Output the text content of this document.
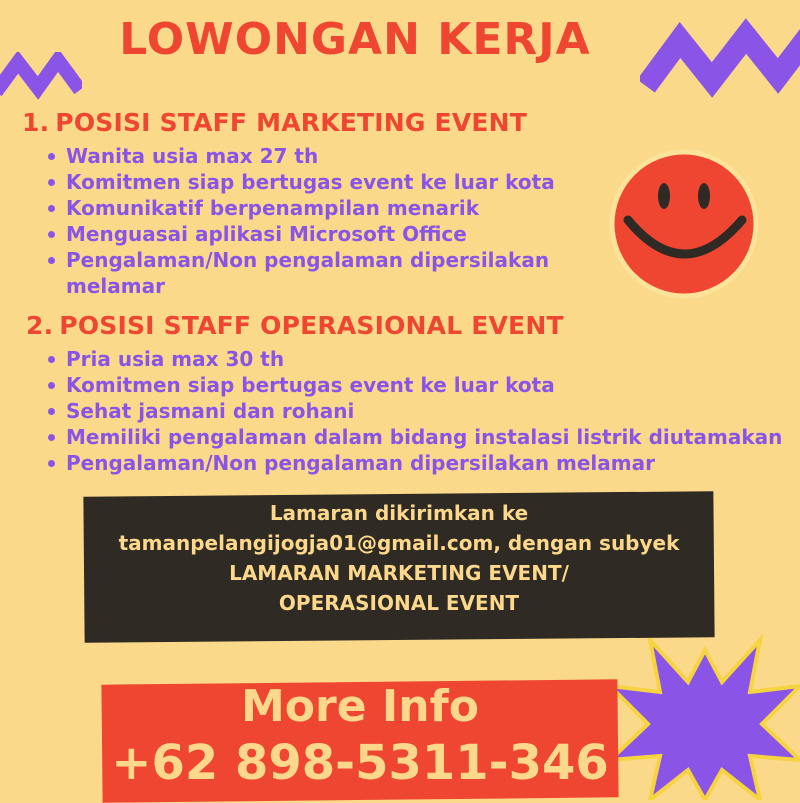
LOWONGAN KERJA
1. POSISI STAFF MARKETING EVENT
Wanita usia max 27 th
Komitmen siap bertugas event ke luar kota
Komunikatif berpenampilan menarik
Menguasai aplikasi Microsoft Office
Pengalaman/Non pengalaman dipersilakan melamar
2. POSISI STAFF OPERASIONAL EVENT
Pria usia max 30 th
Komitmen siap bertugas event ke luar kota
Sehat jasmani dan rohani
Memiliki pengalaman dalam bidang instalasi listrik diutamakan
Pengalaman/Non pengalaman dipersilakan melamar
Lamaran dikirimkan ke
tamanpelangijogja01@gmail.com, dengan subyek
LAMARAN MARKETING EVENT/
OPERASIONAL EVENT
More Info
+62 898-5311-346
